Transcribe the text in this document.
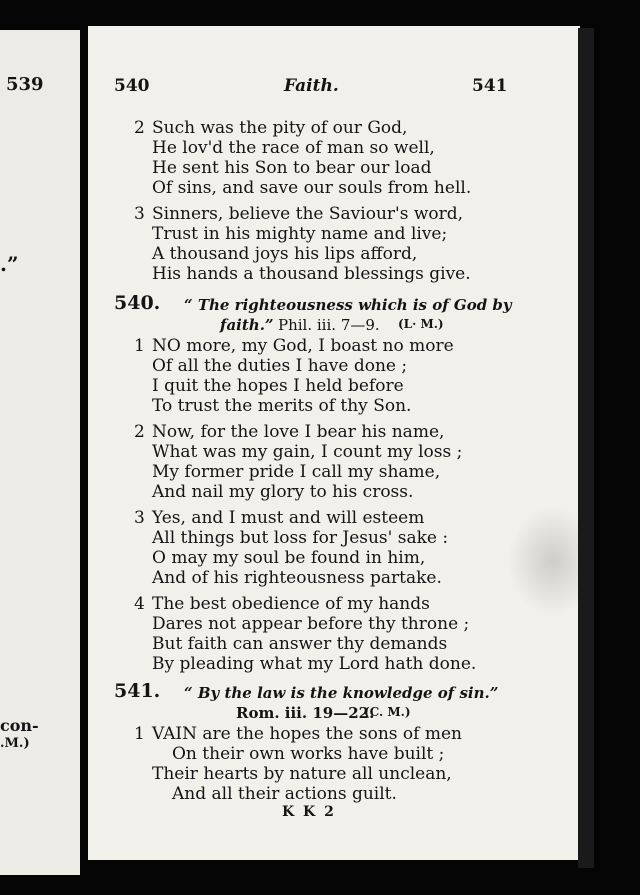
539
.”
con-
.M.)
540	Faith.	541
2 Such was the pity of our God,
He lov'd the race of man so well,
He sent his Son to bear our load
Of sins, and save our souls from hell.
3 Sinners, believe the Saviour's word,
Trust in his mighty name and live;
A thousand joys his lips afford,
His hands a thousand blessings give.
540. “ The righteousness which is of God by
faith.” Phil. iii. 7—9. (L· M.)
1 NO more, my God, I boast no more
Of all the duties I have done ;
I quit the hopes I held before
To trust the merits of thy Son.
2 Now, for the love I bear his name,
What was my gain, I count my loss ;
My former pride I call my shame,
And nail my glory to his cross.
3 Yes, and I must and will esteem
All things but loss for Jesus' sake :
O may my soul be found in him,
And of his righteousness partake.
4 The best obedience of my hands
Dares not appear before thy throne ;
But faith can answer thy demands
By pleading what my Lord hath done.
541. “ By the law is the knowledge of sin.”
Rom. iii. 19—22.
(C. M.)
1 VAIN are the hopes the sons of men
On their own works have built ;
Their hearts by nature all unclean,
And all their actions guilt.
K K 2
